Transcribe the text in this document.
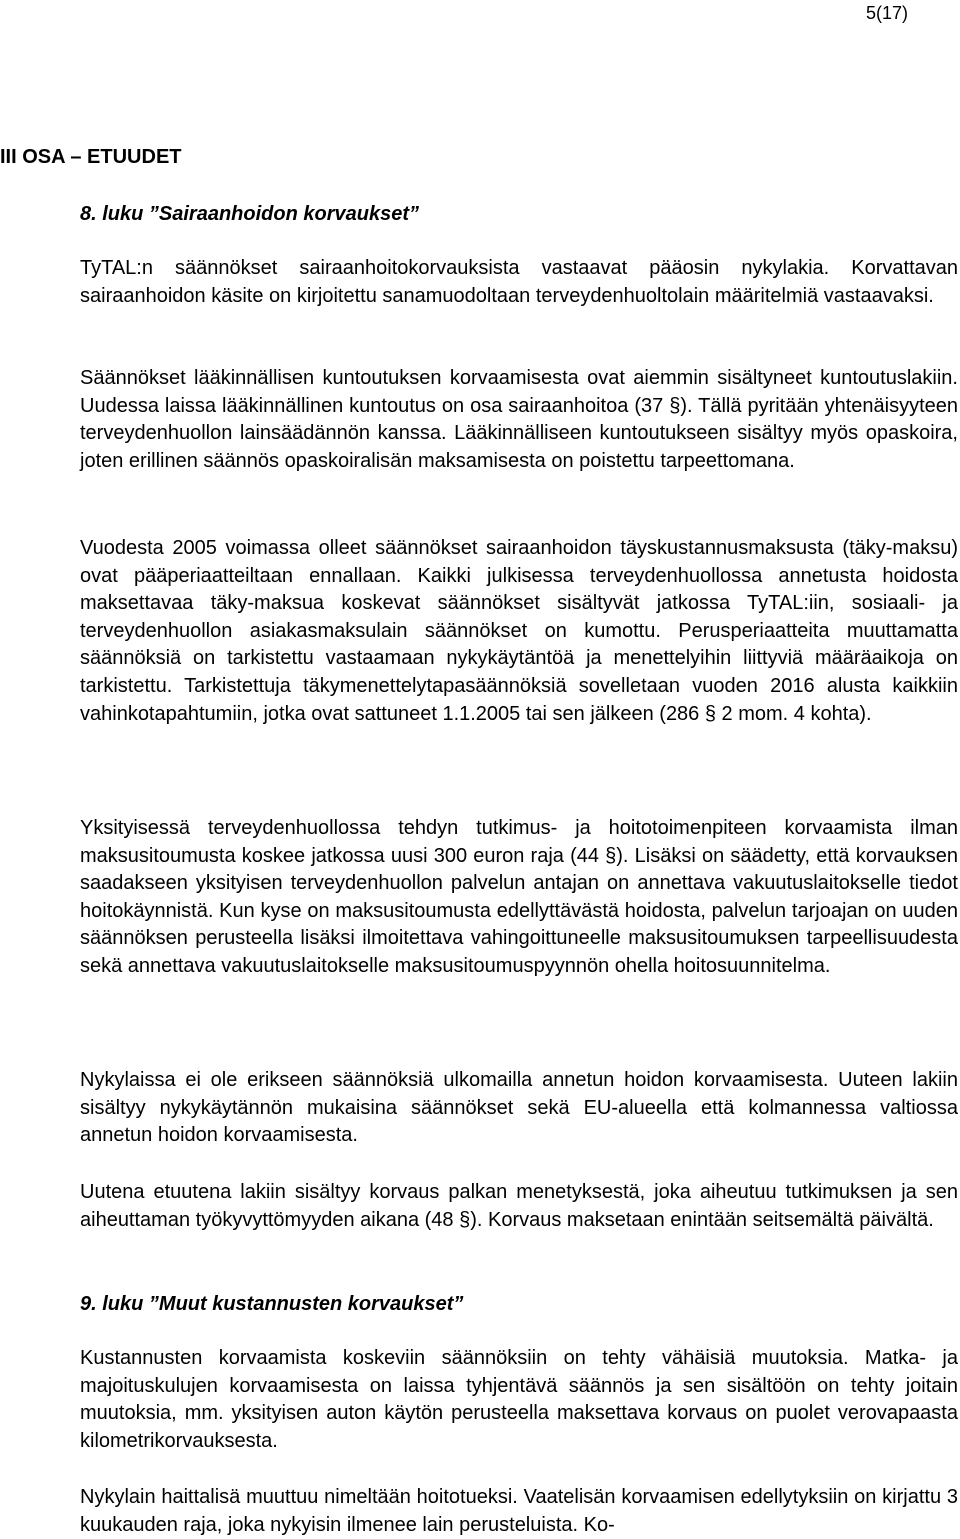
5(17)
III OSA – ETUUDET
8. luku ”Sairaanhoidon korvaukset”

TyTAL:n säännökset sairaanhoitokorvauksista vastaavat pääosin nykylakia. Korvattavan sairaanhoidon käsite on kirjoitettu sanamuodoltaan terveydenhuoltolain määritelmiä vastaavaksi.

Säännökset lääkinnällisen kuntoutuksen korvaamisesta ovat aiemmin sisältyneet kuntoutuslakiin. Uudessa laissa lääkinnällinen kuntoutus on osa sairaanhoitoa (37 §). Tällä pyritään yhtenäisyyteen terveydenhuollon lainsäädännön kanssa. Lääkinnälliseen kuntoutukseen sisältyy myös opaskoira, joten erillinen säännös opaskoiralisän maksamisesta on poistettu tarpeettomana.

Vuodesta 2005 voimassa olleet säännökset sairaanhoidon täyskustannusmaksusta (täky-maksu) ovat pääperiaatteiltaan ennallaan. Kaikki julkisessa terveydenhuollossa annetusta hoidosta maksettavaa täky-maksua koskevat säännökset sisältyvät jatkossa TyTAL:iin, sosiaali- ja terveydenhuollon asiakasmaksulain säännökset on kumottu. Perusperiaatteita muuttamatta säännöksiä on tarkistettu vastaamaan nykykäytäntöä ja menettelyihin liittyviä määräaikoja on tarkistettu. Tarkistettuja täkymenettelytapasäännöksiä sovelletaan vuoden 2016 alusta kaikkiin vahinkotapahtumiin, jotka ovat sattuneet 1.1.2005 tai sen jälkeen (286 § 2 mom. 4 kohta).

Yksityisessä terveydenhuollossa tehdyn tutkimus- ja hoitotoimenpiteen korvaamista ilman maksusitoumusta koskee jatkossa uusi 300 euron raja (44 §). Lisäksi on säädetty, että korvauksen saadakseen yksityisen terveydenhuollon palvelun antajan on annettava vakuutuslaitokselle tiedot hoitokäynnistä. Kun kyse on maksusitoumusta edellyttävästä hoidosta, palvelun tarjoajan on uuden säännöksen perusteella lisäksi ilmoitettava vahingoittuneelle maksusitoumuksen tarpeellisuudesta sekä annettava vakuutuslaitokselle maksusitoumuspyynnön ohella hoitosuunnitelma.

Nykylaissa ei ole erikseen säännöksiä ulkomailla annetun hoidon korvaamisesta. Uuteen lakiin sisältyy nykykäytännön mukaisina säännökset sekä EU-alueella että kolmannessa valtiossa annetun hoidon korvaamisesta.

Uutena etuutena lakiin sisältyy korvaus palkan menetyksestä, joka aiheutuu tutkimuksen ja sen aiheuttaman työkyvyttömyyden aikana (48 §). Korvaus maksetaan enintään seitsemältä päivältä.

9. luku ”Muut kustannusten korvaukset”

Kustannusten korvaamista koskeviin säännöksiin on tehty vähäisiä muutoksia. Matka- ja majoituskulujen korvaamisesta on laissa tyhjentävä säännös ja sen sisältöön on tehty joitain muutoksia, mm. yksityisen auton käytön perusteella maksettava korvaus on puolet verovapaasta kilometrikorvauksesta.

Nykylain haittalisä muuttuu nimeltään hoitotueksi. Vaatelisän korvaamisen edellytyksiin on kirjattu 3 kuukauden raja, joka nykyisin ilmenee lain perusteluista. Ko-
